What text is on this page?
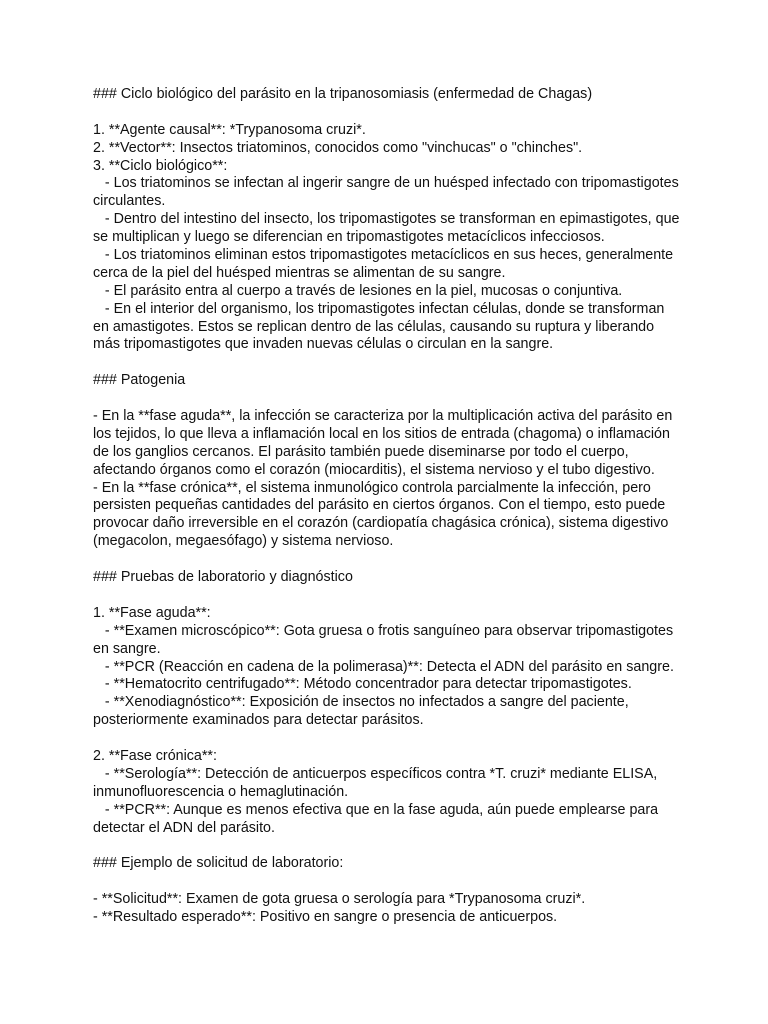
### Ciclo biológico del parásito en la tripanosomiasis (enfermedad de Chagas)
1. **Agente causal**: *Trypanosoma cruzi*.
2. **Vector**: Insectos triatominos, conocidos como "vinchucas" o "chinches".
3. **Ciclo biológico**:
- Los triatominos se infectan al ingerir sangre de un huésped infectado con tripomastigotes
circulantes.
- Dentro del intestino del insecto, los tripomastigotes se transforman en epimastigotes, que
se multiplican y luego se diferencian en tripomastigotes metacíclicos infecciosos.
- Los triatominos eliminan estos tripomastigotes metacíclicos en sus heces, generalmente
cerca de la piel del huésped mientras se alimentan de su sangre.
- El parásito entra al cuerpo a través de lesiones en la piel, mucosas o conjuntiva.
- En el interior del organismo, los tripomastigotes infectan células, donde se transforman
en amastigotes. Estos se replican dentro de las células, causando su ruptura y liberando
más tripomastigotes que invaden nuevas células o circulan en la sangre.
### Patogenia
- En la **fase aguda**, la infección se caracteriza por la multiplicación activa del parásito en
los tejidos, lo que lleva a inflamación local en los sitios de entrada (chagoma) o inflamación
de los ganglios cercanos. El parásito también puede diseminarse por todo el cuerpo,
afectando órganos como el corazón (miocarditis), el sistema nervioso y el tubo digestivo.
- En la **fase crónica**, el sistema inmunológico controla parcialmente la infección, pero
persisten pequeñas cantidades del parásito en ciertos órganos. Con el tiempo, esto puede
provocar daño irreversible en el corazón (cardiopatía chagásica crónica), sistema digestivo
(megacolon, megaesófago) y sistema nervioso.
### Pruebas de laboratorio y diagnóstico
1. **Fase aguda**:
- **Examen microscópico**: Gota gruesa o frotis sanguíneo para observar tripomastigotes
en sangre.
- **PCR (Reacción en cadena de la polimerasa)**: Detecta el ADN del parásito en sangre.
- **Hematocrito centrifugado**: Método concentrador para detectar tripomastigotes.
- **Xenodiagnóstico**: Exposición de insectos no infectados a sangre del paciente,
posteriormente examinados para detectar parásitos.
2. **Fase crónica**:
- **Serología**: Detección de anticuerpos específicos contra *T. cruzi* mediante ELISA,
inmunofluorescencia o hemaglutinación.
- **PCR**: Aunque es menos efectiva que en la fase aguda, aún puede emplearse para
detectar el ADN del parásito.
### Ejemplo de solicitud de laboratorio:
- **Solicitud**: Examen de gota gruesa o serología para *Trypanosoma cruzi*.
- **Resultado esperado**: Positivo en sangre o presencia de anticuerpos.
